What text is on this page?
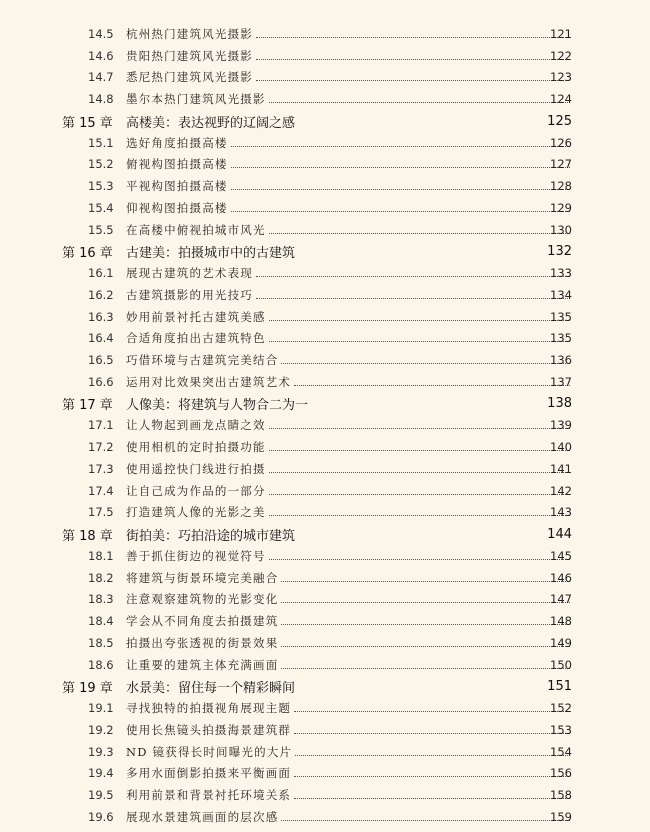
14.5 杭州热门建筑风光摄影	121
14.6 贵阳热门建筑风光摄影	122
14.7 悉尼热门建筑风光摄影	123
14.8 墨尔本热门建筑风光摄影	124
第 15 章 高楼美：表达视野的辽阔之感	125
15.1 选好角度拍摄高楼	126
15.2 俯视构图拍摄高楼	127
15.3 平视构图拍摄高楼	128
15.4 仰视构图拍摄高楼	129
15.5 在高楼中俯视拍城市风光	130
第 16 章 古建美：拍摄城市中的古建筑	132
16.1 展现古建筑的艺术表现	133
16.2 古建筑摄影的用光技巧	134
16.3 妙用前景衬托古建筑美感	135
16.4 合适角度拍出古建筑特色	135
16.5 巧借环境与古建筑完美结合	136
16.6 运用对比效果突出古建筑艺术	137
第 17 章 人像美：将建筑与人物合二为一	138
17.1 让人物起到画龙点睛之效	139
17.2 使用相机的定时拍摄功能	140
17.3 使用遥控快门线进行拍摄	141
17.4 让自己成为作品的一部分	142
17.5 打造建筑人像的光影之美	143
第 18 章 街拍美：巧拍沿途的城市建筑	144
18.1 善于抓住街边的视觉符号	145
18.2 将建筑与街景环境完美融合	146
18.3 注意观察建筑物的光影变化	147
18.4 学会从不同角度去拍摄建筑	148
18.5 拍摄出夸张透视的街景效果	149
18.6 让重要的建筑主体充满画面	150
第 19 章 水景美：留住每一个精彩瞬间	151
19.1 寻找独特的拍摄视角展现主题	152
19.2 使用长焦镜头拍摄海景建筑群	153
19.3 ND 镜获得长时间曝光的大片	154
19.4 多用水面倒影拍摄来平衡画面	156
19.5 利用前景和背景衬托环境关系	158
19.6 展现水景建筑画面的层次感	159
